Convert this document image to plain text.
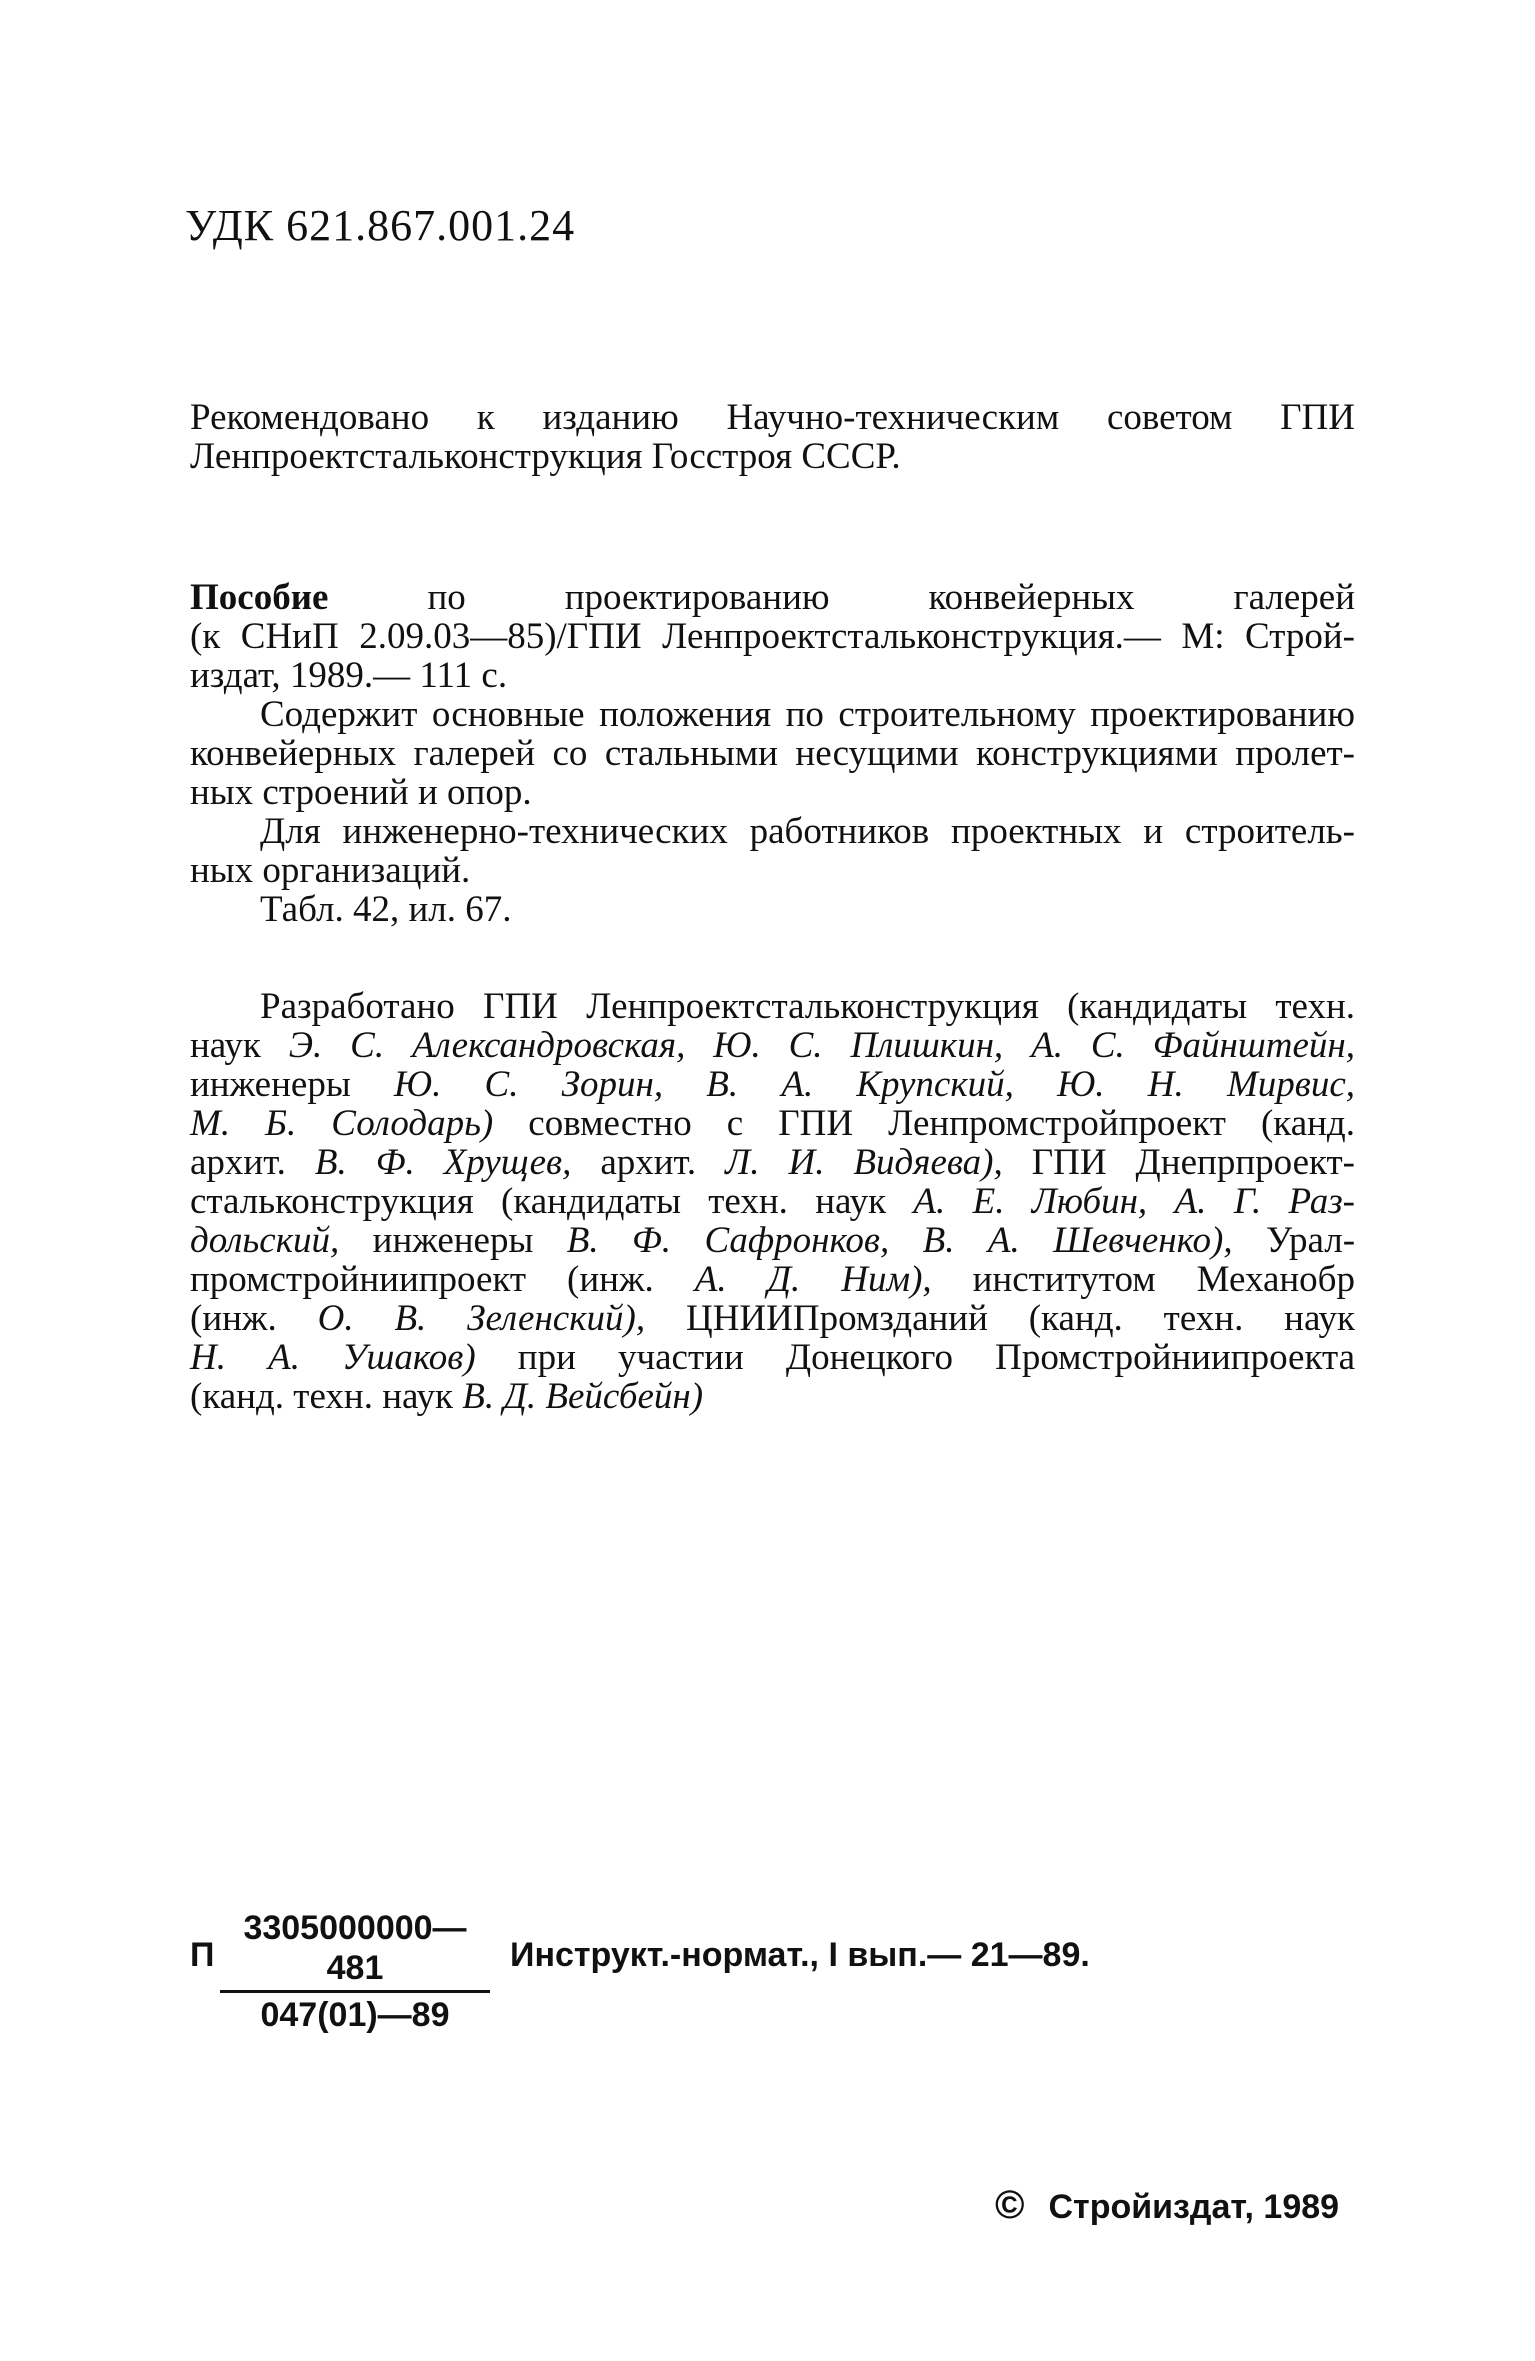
УДК 621.867.001.24
Рекомендовано к изданию Научно-техническим советом ГПИ
Ленпроектстальконструкция Госстроя СССР.
Пособие	по проектированию конвейерных галерей
(к СНиП 2.09.03—85)/ГПИ Ленпроектстальконструкция.— М: Строй-
издат, 1989.— 111 с.
Содержит основные положения по строительному проектированию
конвейерных галерей со стальными несущими конструкциями пролет-
ных строений и опор.
Для инженерно-технических работников проектных и строитель-
ных организаций.
Табл. 42, ил. 67.
Разработано ГПИ Ленпроектстальконструкция (кандидаты техн.
наук Э. С. Александровская, Ю. С. Плишкин, А. С. Файнштейн,
инженеры Ю. С. Зорин, В. А. Крупский, Ю. Н. Мирвис,
М. Б. Солодарь) совместно с ГПИ Ленпромстройпроект (канд.
архит. В. Ф. Хрущев, архит. Л. И. Видяева), ГПИ Днепрпроект-
стальконструкция (кандидаты техн. наук А. Е. Любин, А. Г. Раз-
дольский, инженеры В. Ф. Сафронков, В. А. Шевченко), Урал-
промстройниипроект (инж. А. Д. Ним), институтом Механобр
(инж. О. В. Зеленский), ЦНИИПромзданий (канд. техн. наук
Н. А. Ушаков) при участии Донецкого Промстройниипроекта
(канд. техн. наук В. Д. Вейсбейн)
П
3305000000—481
047(01)—89
Инструкт.-нормат., I вып.— 21—89.
© Стройиздат, 1989
